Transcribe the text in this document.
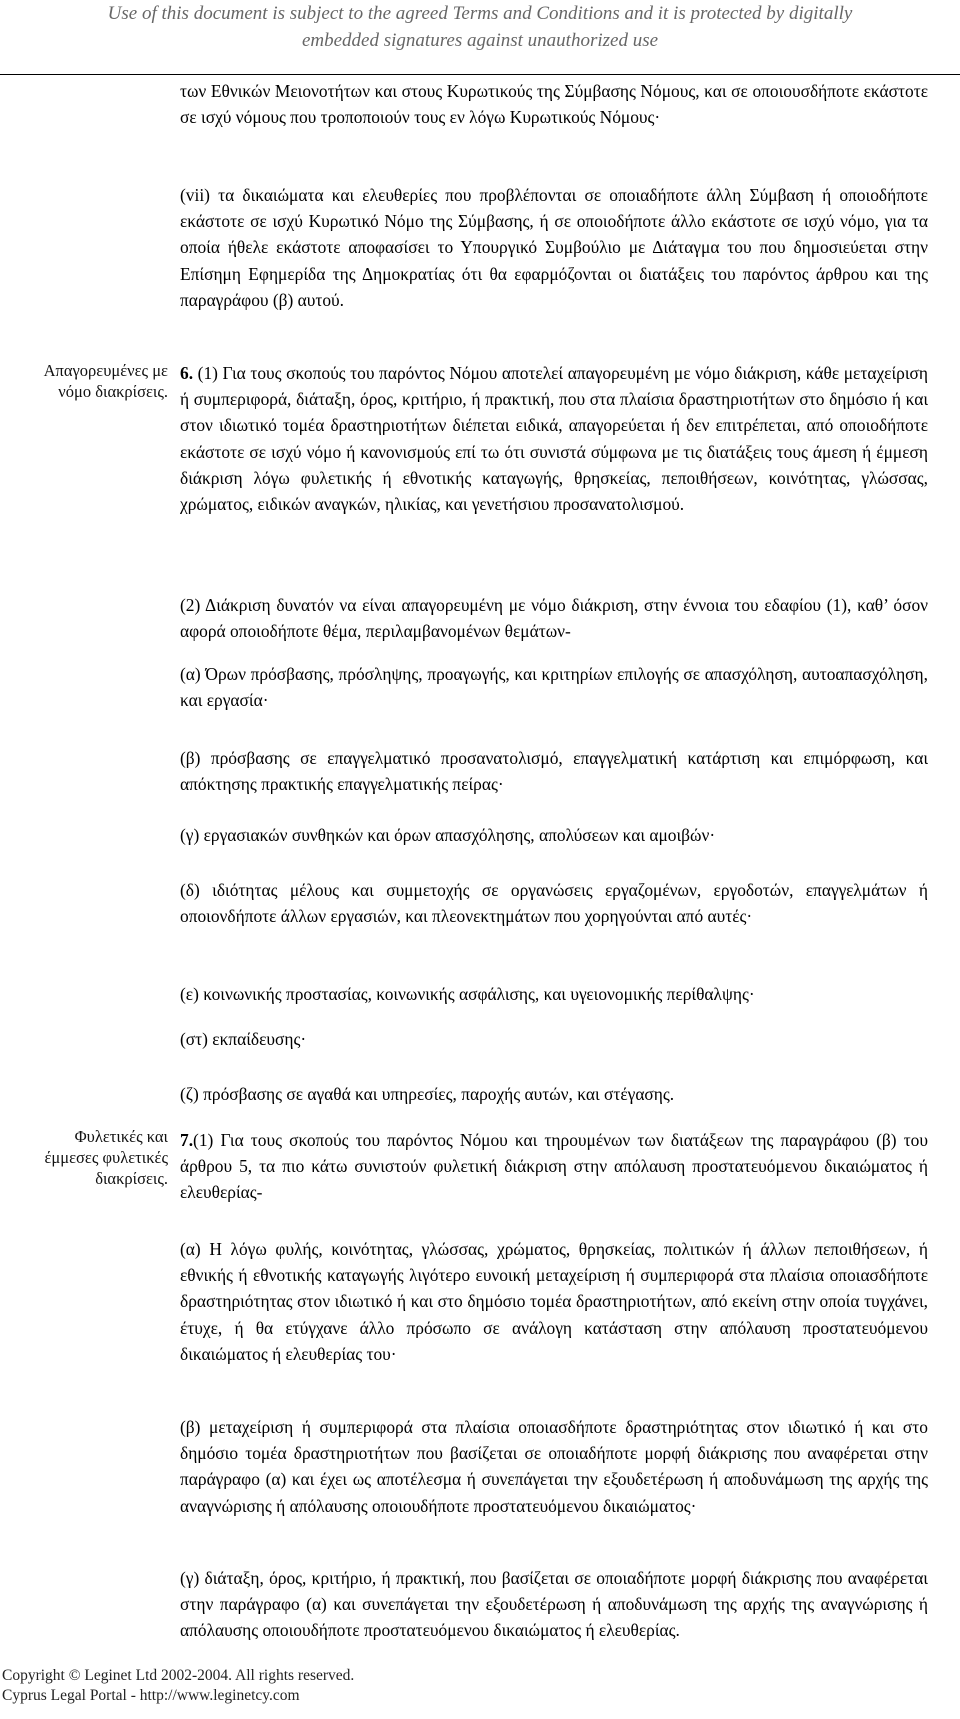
Use of this document is subject to the agreed Terms and Conditions and it is protected by digitally
embedded signatures against unauthorized use

των Εθνικών Μειονοτήτων και στους Κυρωτικούς της Σύμβασης Νόμους, και σε οποιουσδήποτε εκάστοτε σε ισχύ νόμους που τροποποιούν τους εν λόγω Κυρωτικούς Νόμους·

(vii) τα δικαιώματα και ελευθερίες που προβλέπονται σε οποιαδήποτε άλλη Σύμβαση ή οποιοδήποτε εκάστοτε σε ισχύ Κυρωτικό Νόμο της Σύμβασης, ή σε οποιοδήποτε άλλο εκάστοτε σε ισχύ νόμο, για τα οποία ήθελε εκάστοτε αποφασίσει το Υπουργικό Συμβούλιο με Διάταγμα του που δημοσιεύεται στην Επίσημη Εφημερίδα της Δημοκρατίας ότι θα εφαρμόζονται οι διατάξεις του παρόντος άρθρου και της παραγράφου (β) αυτού.

Απαγορευμένες με
νόμο διακρίσεις.

6. (1) Για τους σκοπούς του παρόντος Νόμου αποτελεί απαγορευμένη με νόμο διάκριση, κάθε μεταχείριση ή συμπεριφορά, διάταξη, όρος, κριτήριο, ή πρακτική, που στα πλαίσια δραστηριοτήτων στο δημόσιο ή και στον ιδιωτικό τομέα δραστηριοτήτων διέπεται ειδικά, απαγορεύεται ή δεν επιτρέπεται, από οποιοδήποτε εκάστοτε σε ισχύ νόμο ή κανονισμούς επί τω ότι συνιστά σύμφωνα με τις διατάξεις τους άμεση ή έμμεση διάκριση λόγω φυλετικής ή εθνοτικής καταγωγής, θρησκείας, πεποιθήσεων, κοινότητας, γλώσσας, χρώματος, ειδικών αναγκών, ηλικίας, και γενετήσιου προσανατολισμού.

(2) Διάκριση δυνατόν να είναι απαγορευμένη με νόμο διάκριση, στην έννοια του εδαφίου (1), καθ’ όσον αφορά οποιοδήποτε θέμα, περιλαμβανομένων θεμάτων-

(α) Όρων πρόσβασης, πρόσληψης, προαγωγής, και κριτηρίων επιλογής σε απασχόληση, αυτοαπασχόληση, και εργασία·

(β) πρόσβασης σε επαγγελματικό προσανατολισμό, επαγγελματική κατάρτιση και επιμόρφωση, και απόκτησης πρακτικής επαγγελματικής πείρας·

(γ) εργασιακών συνθηκών και όρων απασχόλησης, απολύσεων και αμοιβών·

(δ) ιδιότητας μέλους και συμμετοχής σε οργανώσεις εργαζομένων, εργοδοτών, επαγγελμάτων ή οποιονδήποτε άλλων εργασιών, και πλεονεκτημάτων που χορηγούνται από αυτές·

(ε) κοινωνικής προστασίας, κοινωνικής ασφάλισης, και υγειονομικής περίθαλψης·

(στ) εκπαίδευσης·

(ζ) πρόσβασης σε αγαθά και υπηρεσίες, παροχής αυτών, και στέγασης.

Φυλετικές και
έμμεσες φυλετικές
διακρίσεις.

7.(1) Για τους σκοπούς του παρόντος Νόμου και τηρουμένων των διατάξεων της παραγράφου (β) του άρθρου 5, τα πιο κάτω συνιστούν φυλετική διάκριση στην απόλαυση προστατευόμενου δικαιώματος ή ελευθερίας-

(α) Η λόγω φυλής, κοινότητας, γλώσσας, χρώματος, θρησκείας, πολιτικών ή άλλων πεποιθήσεων, ή εθνικής ή εθνοτικής καταγωγής λιγότερο ευνοική μεταχείριση ή συμπεριφορά στα πλαίσια οποιασδήποτε δραστηριότητας στον ιδιωτικό ή και στο δημόσιο τομέα δραστηριοτήτων, από εκείνη στην οποία τυγχάνει, έτυχε, ή θα ετύγχανε άλλο πρόσωπο σε ανάλογη κατάσταση στην απόλαυση προστατευόμενου δικαιώματος ή ελευθερίας του·

(β) μεταχείριση ή συμπεριφορά στα πλαίσια οποιασδήποτε δραστηριότητας στον ιδιωτικό ή και στο δημόσιο τομέα δραστηριοτήτων που βασίζεται σε οποιαδήποτε μορφή διάκρισης που αναφέρεται στην παράγραφο (α) και έχει ως αποτέλεσμα ή συνεπάγεται την εξουδετέρωση ή αποδυνάμωση της αρχής της αναγνώρισης ή απόλαυσης οποιουδήποτε προστατευόμενου δικαιώματος·

(γ) διάταξη, όρος, κριτήριο, ή πρακτική, που βασίζεται σε οποιαδήποτε μορφή διάκρισης που αναφέρεται στην παράγραφο (α) και συνεπάγεται την εξουδετέρωση ή αποδυνάμωση της αρχής της αναγνώρισης ή απόλαυσης οποιουδήποτε προστατευόμενου δικαιώματος ή ελευθερίας.

Copyright © Leginet Ltd 2002-2004. All rights reserved.
Cyprus Legal Portal - http://www.leginetcy.com
